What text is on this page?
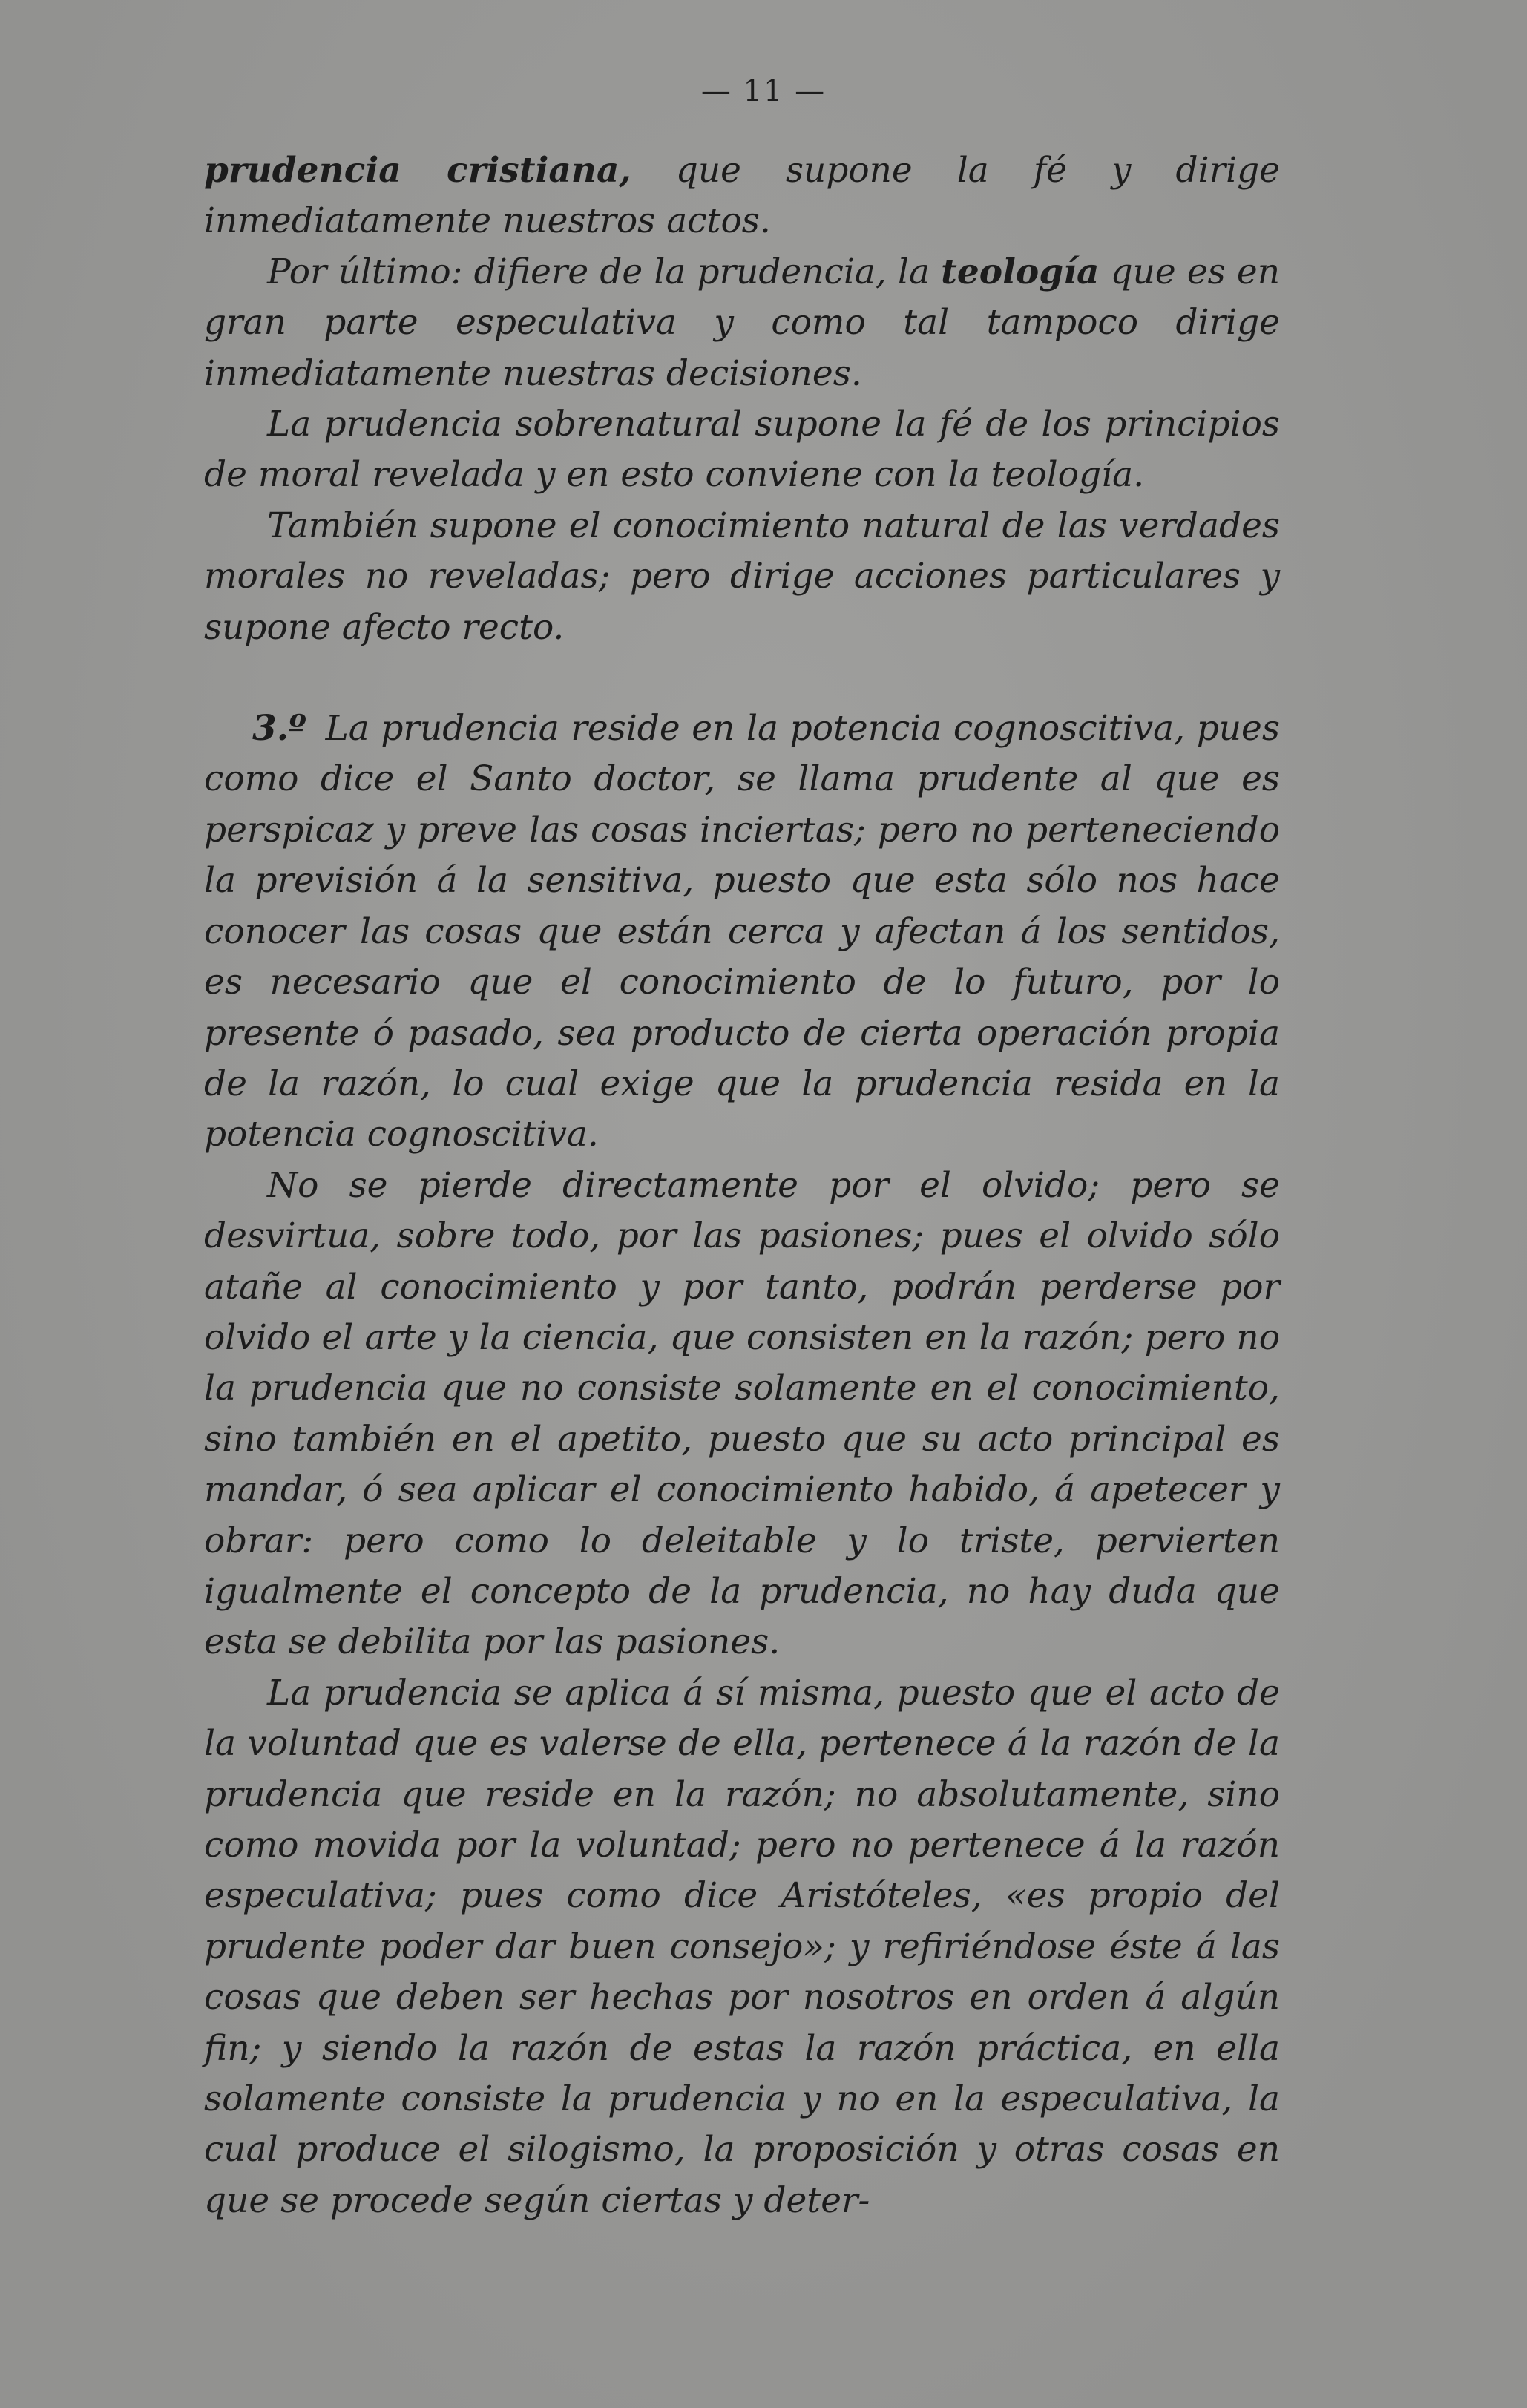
— 11 —

prudencia cristiana, que supone la fé y dirige inmediatamente nuestros actos.

Por último: difiere de la prudencia, la teología que es en gran parte especulativa y como tal tampoco dirige inmediatamente nuestras decisiones.

La prudencia sobrenatural supone la fé de los principios de moral revelada y en esto conviene con la teología.

También supone el conocimiento natural de las verdades morales no reveladas; pero dirige acciones particulares y supone afecto recto.

3.º La prudencia reside en la potencia cognoscitiva, pues como dice el Santo doctor, se llama prudente al que es perspicaz y preve las cosas inciertas; pero no perteneciendo la previsión á la sensitiva, puesto que esta sólo nos hace conocer las cosas que están cerca y afectan á los sentidos, es necesario que el conocimiento de lo futuro, por lo presente ó pasado, sea producto de cierta operación propia de la razón, lo cual exige que la prudencia resida en la potencia cognoscitiva.

No se pierde directamente por el olvido; pero se desvirtua, sobre todo, por las pasiones; pues el olvido sólo atañe al conocimiento y por tanto, podrán perderse por olvido el arte y la ciencia, que consisten en la razón; pero no la prudencia que no consiste solamente en el conocimiento, sino también en el apetito, puesto que su acto principal es mandar, ó sea aplicar el conocimiento habido, á apetecer y obrar: pero como lo deleitable y lo triste, pervierten igualmente el concepto de la prudencia, no hay duda que esta se debilita por las pasiones.

La prudencia se aplica á sí misma, puesto que el acto de la voluntad que es valerse de ella, pertenece á la razón de la prudencia que reside en la razón; no absolutamente, sino como movida por la voluntad; pero no pertenece á la razón especulativa; pues como dice Aristóteles, «es propio del prudente poder dar buen consejo»; y refiriéndose éste á las cosas que deben ser hechas por nosotros en orden á algún fin; y siendo la razón de estas la razón práctica, en ella solamente consiste la prudencia y no en la especulativa, la cual produce el silogismo, la proposición y otras cosas en que se procede según ciertas y deter-
